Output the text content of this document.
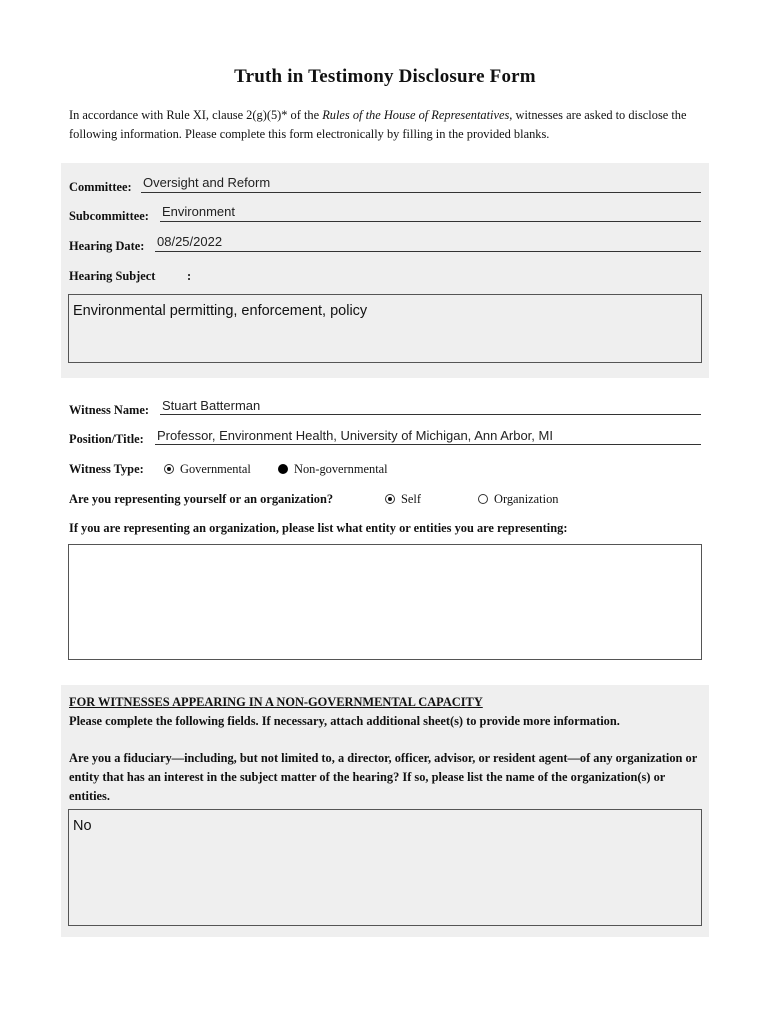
Truth in Testimony Disclosure Form
In accordance with Rule XI, clause 2(g)(5)* of the Rules of the House of Representatives, witnesses are asked to disclose the following information. Please complete this form electronically by filling in the provided blanks.
Committee: Oversight and Reform
Subcommittee: Environment
Hearing Date: 08/25/2022
Hearing Subject	:
Environmental permitting, enforcement, policy
Witness Name: Stuart Batterman
Position/Title: Professor, Environment Health, University of Michigan, Ann Arbor, MI
Witness Type:	Governmental	Non-governmental
Are you representing yourself or an organization?	Self	Organization
If you are representing an organization, please list what entity or entities you are representing:
FOR WITNESSES APPEARING IN A NON-GOVERNMENTAL CAPACITY
Please complete the following fields. If necessary, attach additional sheet(s) to provide more information.
Are you a fiduciary—including, but not limited to, a director, officer, advisor, or resident agent—of any organization or entity that has an interest in the subject matter of the hearing? If so, please list the name of the organization(s) or entities.
No
